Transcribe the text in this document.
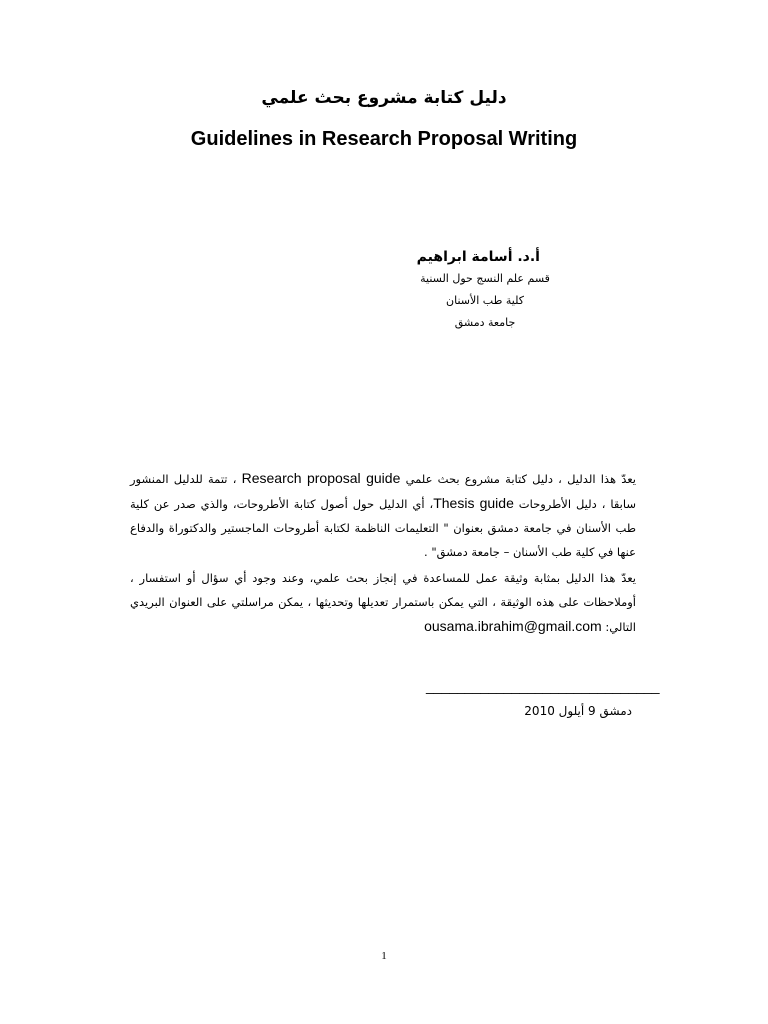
دليل كتابة مشروع بحث علمي
Guidelines in Research Proposal Writing
أ.د. أسامة ابراهيم
قسم علم النسج حول السنية
كلية طب الأسنان
جامعة دمشق
يعدّ هذا الدليل ، دليل كتابة مشروع بحث علمي Research proposal guide ، تتمة للدليل المنشور سابقا ، دليل الأطروحات Thesis guide، أي الدليل حول أصول كتابة الأطروحات، والذي صدر عن كلية طب الأسنان في جامعة دمشق بعنوان " التعليمات الناظمة لكتابة أطروحات الماجستير والدكتوراة والدفاع عنها في كلية طب الأسنان – جامعة دمشق" .
يعدّ هذا الدليل بمثابة وثيقة عمل للمساعدة في إنجاز بحث علمي، وعند وجود أي سؤال أو استفسار ، أوملاحظات على هذه الوثيقة ، التي يمكن باستمرار تعديلها وتحديثها ، يمكن مراسلتي على العنوان البريدي التالي: ousama.ibrahim@gmail.com
______________________________
دمشق 9 أيلول 2010
1
